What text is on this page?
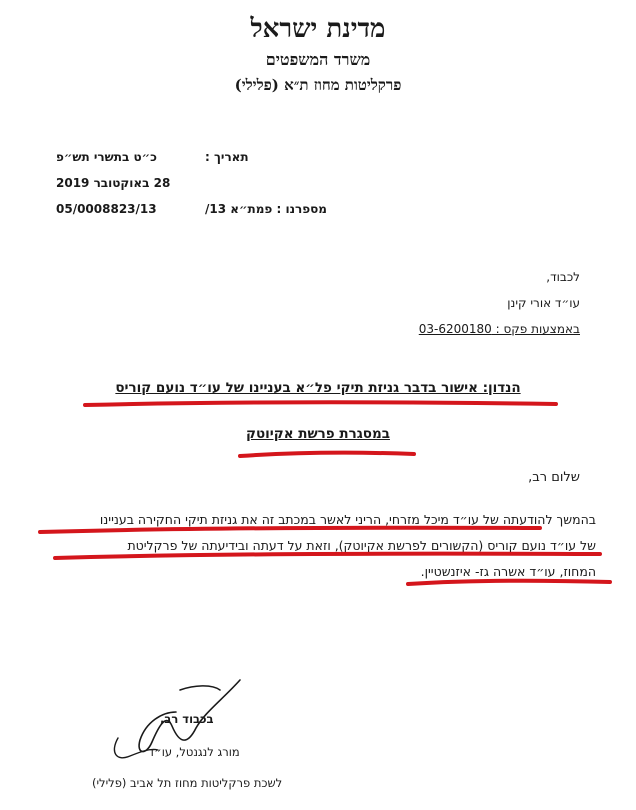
מדינת ישראל
משרד המשפטים
פרקליטות מחוז ת״א (פלילי)
תאריך :
כ״ט בתשרי תש״פ
28 באוקטובר 2019
מספרנו : פמת״א 13/
05/0008823/13
לכבוד,
עו״ד אורי קינן
באמצעות פקס : 03-6200180
הנדון: אישור בדבר גניזת תיקי פל״א בעניינו של עו״ד נועם קוריס
במסגרת פרשת אקיוטק
שלום רב,
בהמשך להודעתה של עו״ד מיכל מזרחי, הריני לאשר במכתב זה את גניזת תיקי החקירה בעניינו
של עו״ד נועם קוריס (הקשורים לפרשת אקיוטק), וזאת על דעתה ובידיעתה של פרקליטת
המחוז, עו״ד אשרה גז- איזנשטיין.
בכבוד רב,
מורג לנגנטל, עו״ד
לשכת פרקליטות מחוז תל אביב (פלילי)
